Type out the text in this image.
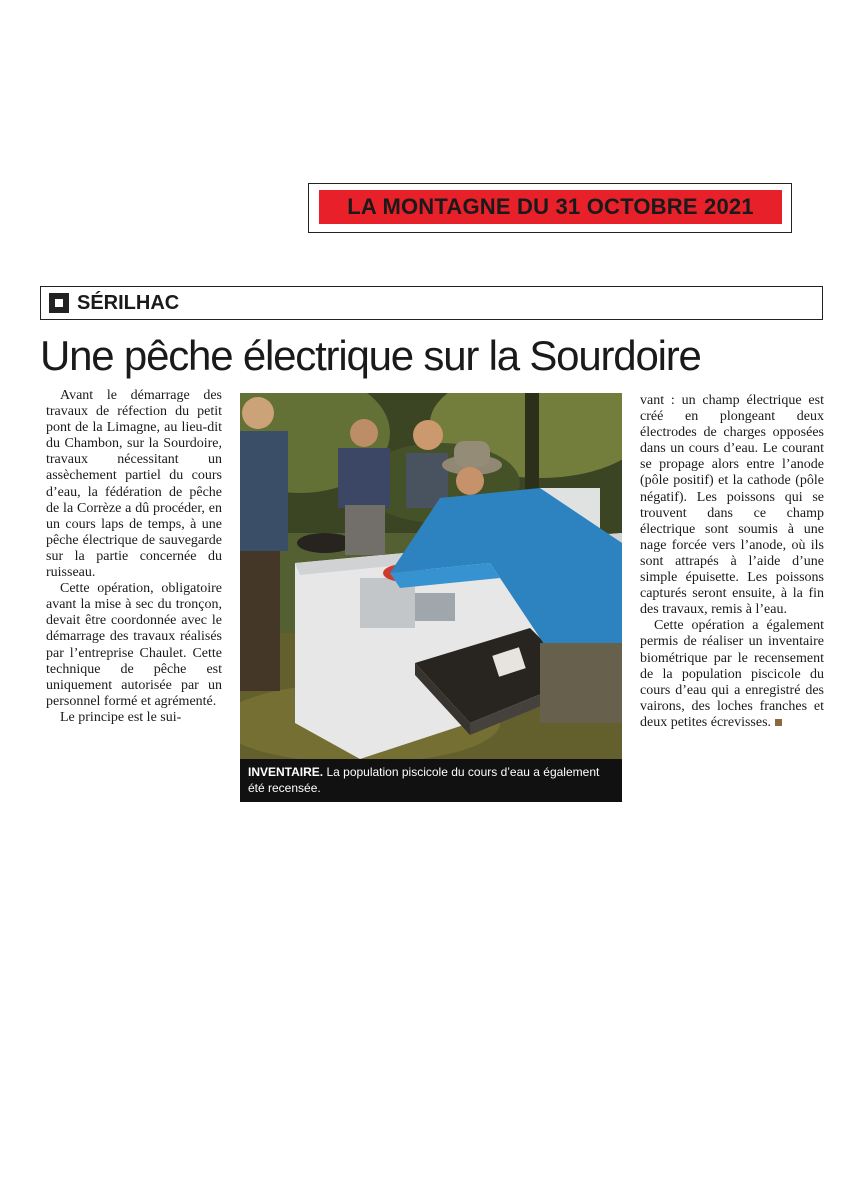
LA MONTAGNE DU 31 OCTOBRE 2021
SÉRILHAC
Une pêche électrique sur la Sourdoire

Avant le démarrage des travaux de réfection du petit pont de la Limagne, au lieu-dit du Chambon, sur la Sourdoire, travaux nécessitant un assèchement partiel du cours d’eau, la fédération de pêche de la Corrèze a dû procéder, en un cours laps de temps, à une pêche électrique de sauvegarde sur la partie concernée du ruisseau.

Cette opération, obligatoire avant la mise à sec du tronçon, devait être coordonnée avec le démarrage des travaux réalisés par l’entreprise Chaulet. Cette technique de pêche est uniquement autorisée par un personnel formé et agrémenté.

Le principe est le sui-

INVENTAIRE. La population piscicole du cours d’eau a également été recensée.

vant : un champ électrique est créé en plongeant deux électrodes de charges opposées dans un cours d’eau. Le courant se propage alors entre l’anode (pôle positif) et la cathode (pôle négatif). Les poissons qui se trouvent dans ce champ électrique sont soumis à une nage forcée vers l’anode, où ils sont attrapés à l’aide d’une simple épuisette. Les poissons capturés seront ensuite, à la fin des travaux, remis à l’eau.

Cette opération a également permis de réaliser un inventaire biométrique par le recensement de la population piscicole du cours d’eau qui a enregistré des vairons, des loches franches et deux petites écrevisses.
